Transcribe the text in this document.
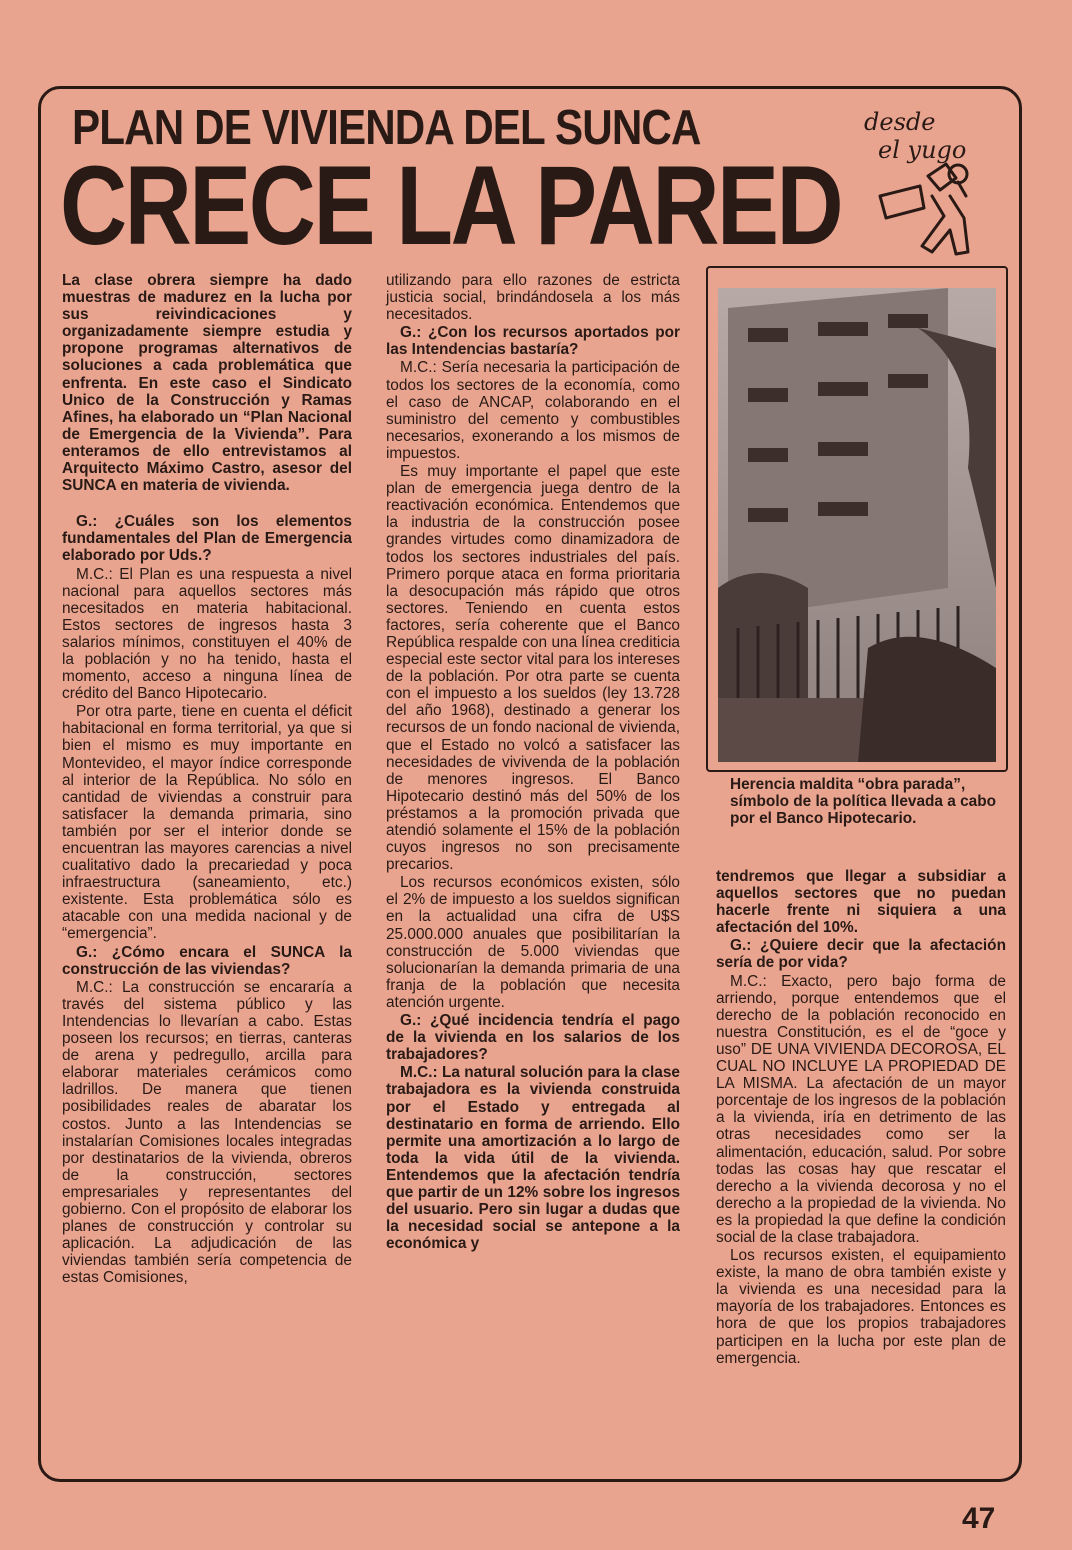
PLAN DE VIVIENDA DEL SUNCA
CRECE LA PARED
desde
el yugo

La clase obrera siempre ha dado muestras de madurez en la lucha por sus reivindicaciones y organizadamente siempre estudia y propone programas alternativos de soluciones a cada problemática que enfrenta. En este caso el Sindicato Unico de la Construcción y Ramas Afines, ha elaborado un “Plan Nacional de Emergencia de la Vivienda”. Para enteramos de ello entrevistamos al Arquitecto Máximo Castro, asesor del SUNCA en materia de vivienda.

G.: ¿Cuáles son los elementos fundamentales del Plan de Emergencia elaborado por Uds.?

M.C.: El Plan es una respuesta a nivel nacional para aquellos sectores más necesitados en materia habitacional. Estos sectores de ingresos hasta 3 salarios mínimos, constituyen el 40% de la población y no ha tenido, hasta el momento, acceso a ninguna línea de crédito del Banco Hipotecario.

Por otra parte, tiene en cuenta el déficit habitacional en forma territorial, ya que si bien el mismo es muy importante en Montevideo, el mayor índice corresponde al interior de la República. No sólo en cantidad de viviendas a construir para satisfacer la demanda primaria, sino también por ser el interior donde se encuentran las mayores carencias a nivel cualitativo dado la precariedad y poca infraestructura (saneamiento, etc.) existente. Esta problemática sólo es atacable con una medida nacional y de “emergencia”.

G.: ¿Cómo encara el SUNCA la construcción de las viviendas?

M.C.: La construcción se encararía a través del sistema público y las Intendencias lo llevarían a cabo. Estas poseen los recursos; en tierras, canteras de arena y pedregullo, arcilla para elaborar materiales cerámicos como ladrillos. De manera que tienen posibilidades reales de abaratar los costos. Junto a las Intendencias se instalarían Comisiones locales integradas por destinatarios de la vivienda, obreros de la construcción, sectores empresariales y representantes del gobierno. Con el propósito de elaborar los planes de construcción y controlar su aplicación. La adjudicación de las viviendas también sería competencia de estas Comisiones,

utilizando para ello razones de estricta justicia social, brindándosela a los más necesitados.

G.: ¿Con los recursos aportados por las Intendencias bastaría?

M.C.: Sería necesaria la participación de todos los sectores de la economía, como el caso de ANCAP, colaborando en el suministro del cemento y combustibles necesarios, exonerando a los mismos de impuestos.

Es muy importante el papel que este plan de emergencia juega dentro de la reactivación económica. Entendemos que la industria de la construcción posee grandes virtudes como dinamizadora de todos los sectores industriales del país. Primero porque ataca en forma prioritaria la desocupación más rápido que otros sectores. Teniendo en cuenta estos factores, sería coherente que el Banco República respalde con una línea crediticia especial este sector vital para los intereses de la población. Por otra parte se cuenta con el impuesto a los sueldos (ley 13.728 del año 1968), destinado a generar los recursos de un fondo nacional de vivienda, que el Estado no volcó a satisfacer las necesidades de vivivenda de la población de menores ingresos. El Banco Hipotecario destinó más del 50% de los préstamos a la promoción privada que atendió solamente el 15% de la población cuyos ingresos no son precisamente precarios.

Los recursos económicos existen, sólo el 2% de impuesto a los sueldos significan en la actualidad una cifra de U$S 25.000.000 anuales que posibilitarían la construcción de 5.000 viviendas que solucionarían la demanda primaria de una franja de la población que necesita atención urgente.

G.: ¿Qué incidencia tendría el pago de la vivienda en los salarios de los trabajadores?

M.C.: La natural solución para la clase trabajadora es la vivienda construida por el Estado y entregada al destinatario en forma de arriendo. Ello permite una amortización a lo largo de toda la vida útil de la vivienda. Entendemos que la afectación tendría que partir de un 12% sobre los ingresos del usuario. Pero sin lugar a dudas que la necesidad social se antepone a la económica y

Herencia maldita “obra parada”, símbolo de la política llevada a cabo por el Banco Hipotecario.

tendremos que llegar a subsidiar a aquellos sectores que no puedan hacerle frente ni siquiera a una afectación del 10%.

G.: ¿Quiere decir que la afectación sería de por vida?

M.C.: Exacto, pero bajo forma de arriendo, porque entendemos que el derecho de la población reconocido en nuestra Constitución, es el de “goce y uso” DE UNA VIVIENDA DECOROSA, EL CUAL NO INCLUYE LA PROPIEDAD DE LA MISMA. La afectación de un mayor porcentaje de los ingresos de la población a la vivienda, iría en detrimento de las otras necesidades como ser la alimentación, educación, salud. Por sobre todas las cosas hay que rescatar el derecho a la vivienda decorosa y no el derecho a la propiedad de la vivienda. No es la propiedad la que define la condición social de la clase trabajadora.

Los recursos existen, el equipamiento existe, la mano de obra también existe y la vivienda es una necesidad para la mayoría de los trabajadores. Entonces es hora de que los propios trabajadores participen en la lucha por este plan de emergencia.

47
